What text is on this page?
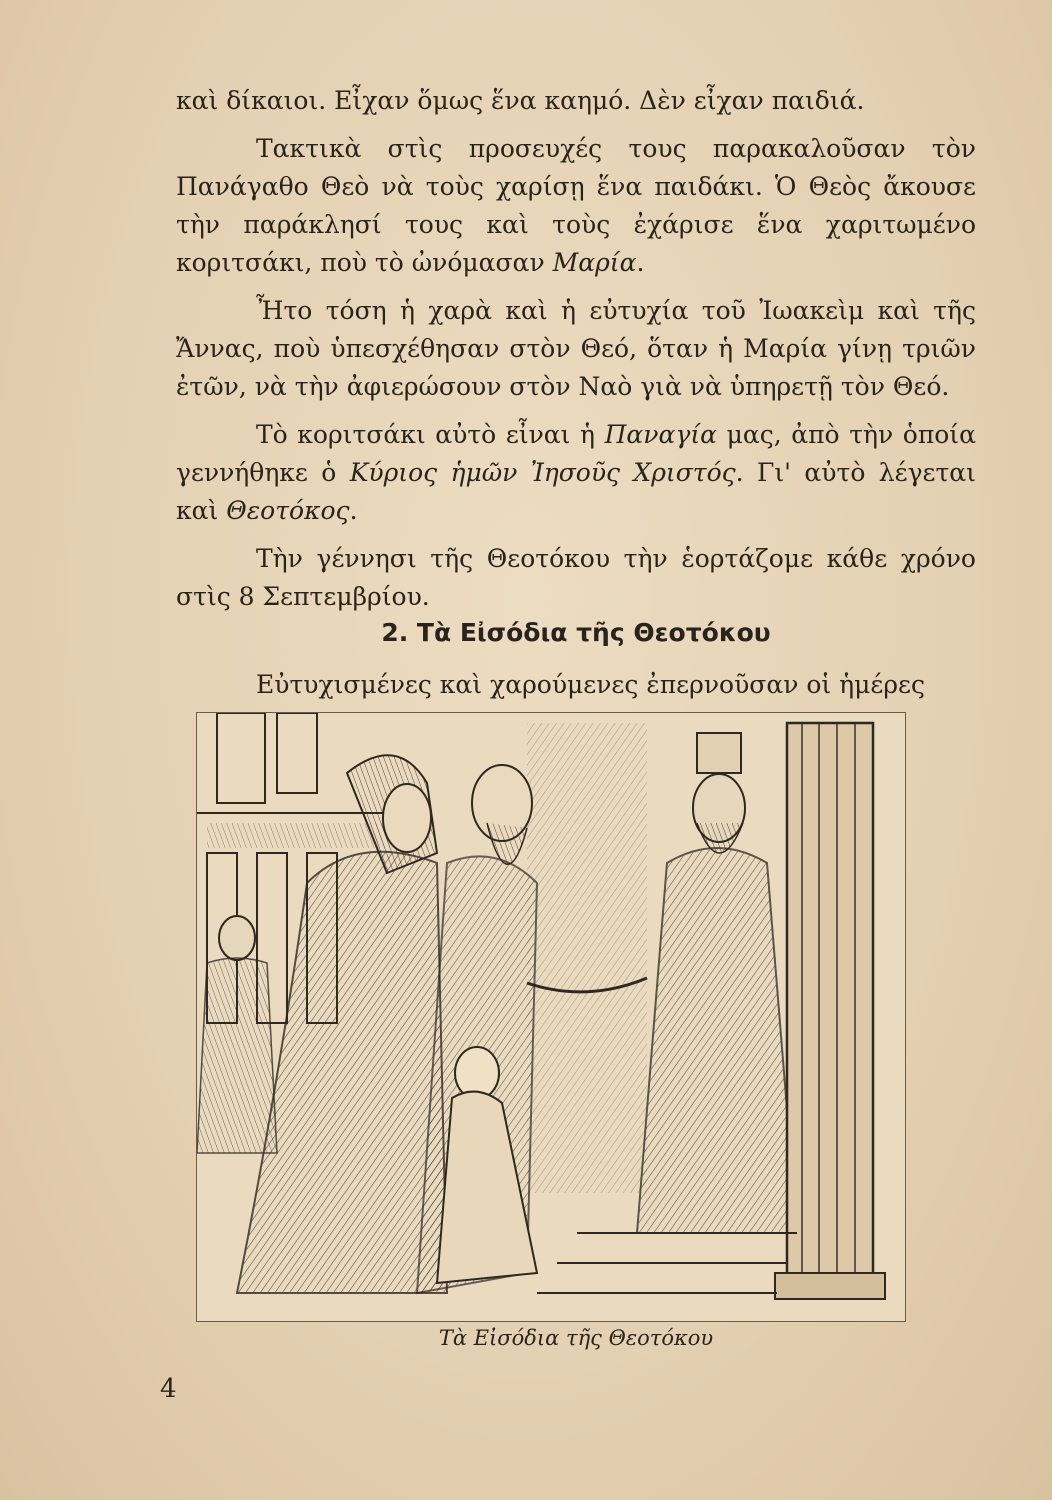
καὶ δίκαιοι. Εἶχαν ὅμως ἕνα καημό. Δὲν εἶχαν παιδιά.

Τακτικὰ στὶς προσευχές τους παρακαλοῦσαν τὸν Πανάγαθο Θεὸ νὰ τοὺς χαρίσῃ ἕνα παιδάκι. Ὁ Θεὸς ἄκουσε τὴν παράκλησί τους καὶ τοὺς ἐχάρισε ἕνα χαριτωμένο κοριτσάκι, ποὺ τὸ ὠνόμασαν Μαρία.

Ἦτο τόση ἡ χαρὰ καὶ ἡ εὐτυχία τοῦ Ἰωακεὶμ καὶ τῆς Ἄννας, ποὺ ὑπεσχέθησαν στὸν Θεό, ὅταν ἡ Μαρία γίνῃ τριῶν ἐτῶν, νὰ τὴν ἀφιερώσουν στὸν Ναὸ γιὰ νὰ ὑπηρετῇ τὸν Θεό.

Τὸ κοριτσάκι αὐτὸ εἶναι ἡ Παναγία μας, ἀπὸ τὴν ὁποία γεννήθηκε ὁ Κύριος ἡμῶν Ἰησοῦς Χριστός. Γι' αὐτὸ λέγεται καὶ Θεοτόκος.

Τὴν γέννησι τῆς Θεοτόκου τὴν ἑορτάζομε κάθε χρόνο στὶς 8 Σεπτεμβρίου.

2. Τὰ Εἰσόδια τῆς Θεοτόκου

Εὐτυχισμένες καὶ χαρούμενες ἐπερνοῦσαν οἱ ἡμέρες

Τὰ Εἰσόδια τῆς Θεοτόκου
4
